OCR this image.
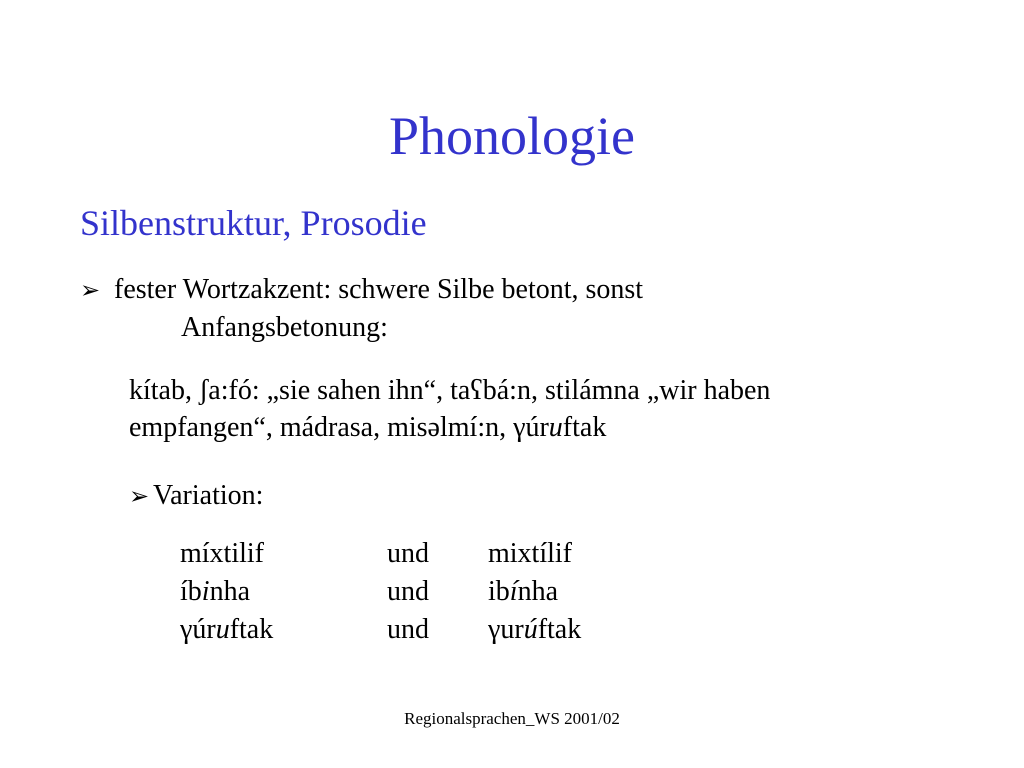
Phonologie
Silbenstruktur, Prosodie
➢ fester Wortzakzent: schwere Silbe betont, sonst
Anfangsbetonung:
kítab, ʃa:fó: „sie sahen ihn“, taʕbá:n, stilámna „wir haben
empfangen“, mádrasa, misəlmí:n, γúruftak
➢ Variation:
míxtilif	und	mixtílif
íbinha	und	ibínha
γúruftak	und	γurúftak
Regionalsprachen_WS 2001/02
